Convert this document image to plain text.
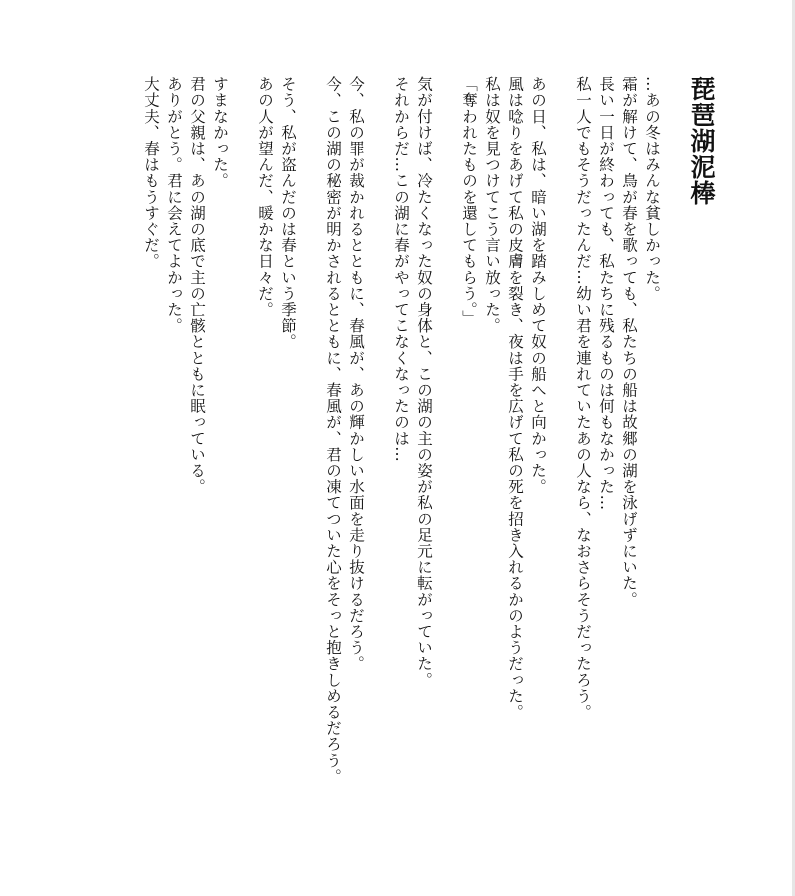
琵琶湖泥棒
…あの冬はみんな貧しかった。
霜が解けて、鳥が春を歌っても、私たちの船は故郷の湖を泳げずにいた。
長い一日が終わっても、私たちに残るものは何もなかった…
私一人でもそうだったんだ…幼い君を連れていたあの人なら、なおさらそうだったろう。
あの日、私は、暗い湖を踏みしめて奴の船へと向かった。
風は唸りをあげて私の皮膚を裂き、夜は手を広げて私の死を招き入れるかのようだった。
私は奴を見つけてこう言い放った。
「奪われたものを還してもらう。」
気が付けば、冷たくなった奴の身体と、この湖の主の姿が私の足元に転がっていた。
それからだ…この湖に春がやってこなくなったのは…
今、私の罪が裁かれるとともに、春風が、あの輝かしい水面を走り抜けるだろう。
今、この湖の秘密が明かされるとともに、春風が、君の凍てついた心をそっと抱きしめるだろう。
そう、私が盗んだのは春という季節。
あの人が望んだ、暖かな日々だ。
すまなかった。
君の父親は、あの湖の底で主の亡骸とともに眠っている。
ありがとう。君に会えてよかった。
大丈夫、春はもうすぐだ。
